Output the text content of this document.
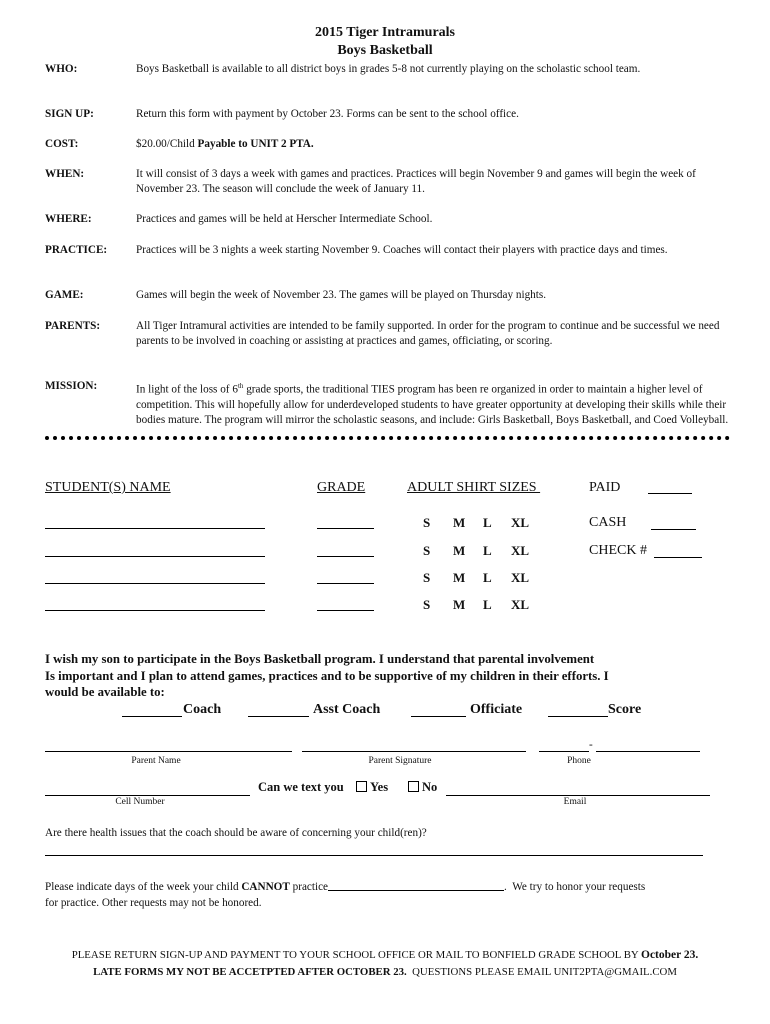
2015 Tiger Intramurals
Boys Basketball
WHO:	Boys Basketball is available to all district boys in grades 5-8 not currently playing on the scholastic school team.
SIGN UP:	Return this form with payment by October 23. Forms can be sent to the school office.
COST:	$20.00/Child Payable to UNIT 2 PTA.
WHEN:	It will consist of 3 days a week with games and practices. Practices will begin November 9 and games will begin the week of November 23. The season will conclude the week of January 11.
WHERE:	Practices and games will be held at Herscher Intermediate School.
PRACTICE:	Practices will be 3 nights a week starting November 9. Coaches will contact their players with practice days and times.
GAME:	Games will begin the week of November 23. The games will be played on Thursday nights.
PARENTS:	All Tiger Intramural activities are intended to be family supported. In order for the program to continue and be successful we need parents to be involved in coaching or assisting at practices and games, officiating, or scoring.
MISSION:	In light of the loss of 6th grade sports, the traditional TIES program has been re organized in order to maintain a higher level of competition. This will hopefully allow for underdeveloped students to have greater opportunity at developing their skills while their bodies mature. The program will mirror the scholastic seasons, and include: Girls Basketball, Boys Basketball, and Coed Volleyball.
STUDENT(S) NAME	GRADE	ADULT SHIRT SIZES	PAID
S M L XL	CASH
S M L XL	CHECK #
S M L XL
S M L XL
I wish my son to participate in the Boys Basketball program. I understand that parental involvement
Is important and I plan to attend games, practices and to be supportive of my children in their efforts. I
would be available to:
Coach	Asst Coach	Officiate	Score
Parent Name	Parent Signature
-
Phone
Cell Number
Can we text you	Yes	No
Email
Are there health issues that the coach should be aware of concerning your child(ren)?
Please indicate days of the week your child CANNOT practice	.  We try to honor your requests
for practice. Other requests may not be honored.
PLEASE RETURN SIGN-UP AND PAYMENT TO YOUR SCHOOL OFFICE OR MAIL TO BONFIELD GRADE SCHOOL BY October 23.
LATE FORMS MY NOT BE ACCETPTED AFTER OCTOBER 23.  QUESTIONS PLEASE EMAIL UNIT2PTA@GMAIL.COM
